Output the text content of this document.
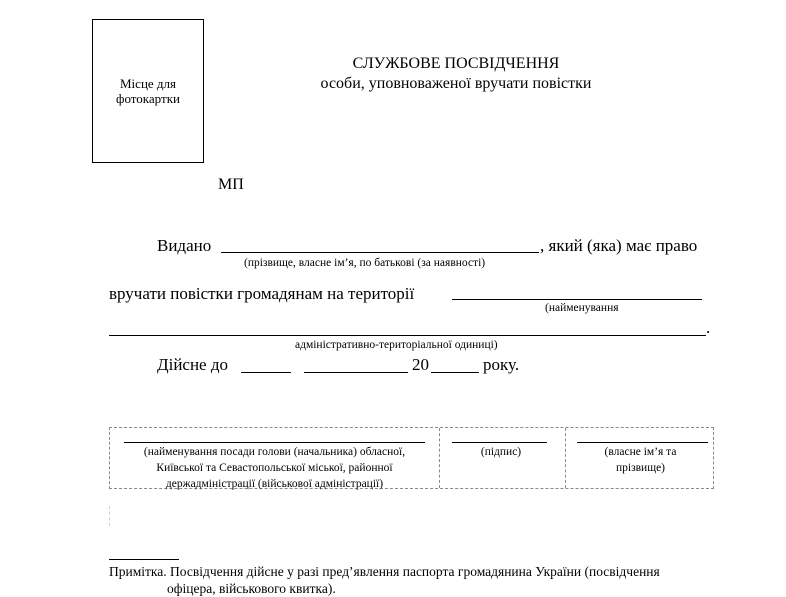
Місце для
фотокартки
СЛУЖБОВЕ ПОСВІДЧЕННЯ
особи, уповноваженої вручати повістки
МП
Видано	, який (яка) має право
(прізвище, власне ім’я, по батькові (за наявності)
вручати повістки громадянам на території
(найменування
.
адміністративно-територіальної одиниці)
Дійсне до	20	року.
(найменування посади голови (начальника) обласної,
Київської та Севастопольської міської, районної
держадміністрації (військової адміністрації)
(підпис)	(власне ім’я та
прізвище)
Примітка. Посвідчення дійсне у разі пред’явлення паспорта громадянина України (посвідчення
офіцера, військового квитка).
